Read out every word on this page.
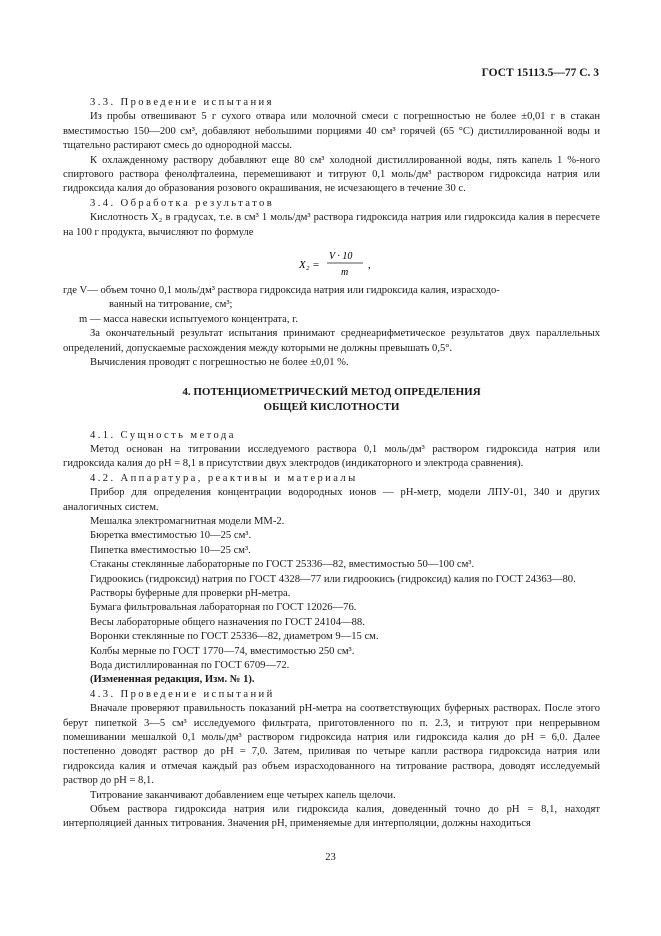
ГОСТ 15113.5—77 С. 3

3.3. Проведение испытания

Из пробы отвешивают 5 г сухого отвара или молочной смеси с погрешностью не более ±0,01 г в стакан вместимостью 150—200 см³, добавляют небольшими порциями 40 см³ горячей (65 °С) дистиллированной воды и тщательно растирают смесь до однородной массы.

К охлажденному раствору добавляют еще 80 см³ холодной дистиллированной воды, пять капель 1 %-ного спиртового раствора фенолфталеина, перемешивают и титруют 0,1 моль/дм³ раствором гидроксида натрия или гидроксида калия до образования розового окрашивания, не исчезающего в течение 30 с.

3.4. Обработка результатов

Кислотность X₂ в градусах, т.е. в см³ 1 моль/дм³ раствора гидроксида натрия или гидроксида калия в пересчете на 100 г продукта, вычисляют по формуле

X₂ =
V · 10
m
,

где V— объем точно 0,1 моль/дм³ раствора гидроксида натрия или гидроксида калия, израсходо-
ванный на титрование, см³;

m — масса навески испытуемого концентрата, г.

За окончательный результат испытания принимают среднеарифметическое результатов двух параллельных определений, допускаемые расхождения между которыми не должны превышать 0,5°.

Вычисления проводят с погрешностью не более ±0,01 %.

4. ПОТЕНЦИОМЕТРИЧЕСКИЙ МЕТОД ОПРЕДЕЛЕНИЯ
ОБЩЕЙ КИСЛОТНОСТИ

4.1. Сущность метода

Метод основан на титровании исследуемого раствора 0,1 моль/дм³ раствором гидроксида натрия или гидроксида калия до pH = 8,1 в присутствии двух электродов (индикаторного и электрода сравнения).

4.2. Аппаратура, реактивы и материалы

Прибор для определения концентрации водородных ионов — pH-метр, модели ЛПУ-01, 340 и других аналогичных систем.

Мешалка электромагнитная модели ММ-2.

Бюретка вместимостью 10—25 см³.

Пипетка вместимостью 10—25 см³.

Стаканы стеклянные лабораторные по ГОСТ 25336—82, вместимостью 50—100 см³.

Гидроокись (гидроксид) натрия по ГОСТ 4328—77 или гидроокись (гидроксид) калия по ГОСТ 24363—80.

Растворы буферные для проверки pH-метра.

Бумага фильтровальная лабораторная по ГОСТ 12026—76.

Весы лабораторные общего назначения по ГОСТ 24104—88.

Воронки стеклянные по ГОСТ 25336—82, диаметром 9—15 см.

Колбы мерные по ГОСТ 1770—74, вместимостью 250 см³.

Вода дистиллированная по ГОСТ 6709—72.

(Измененная редакция, Изм. № 1).

4.3. Проведение испытаний

Вначале проверяют правильность показаний pH-метра на соответствующих буферных растворах. После этого берут пипеткой 3—5 см³ исследуемого фильтрата, приготовленного по п. 2.3, и титруют при непрерывном помешивании мешалкой 0,1 моль/дм³ раствором гидроксида натрия или гидроксида калия до pH = 6,0. Далее постепенно доводят раствор до pH = 7,0. Затем, приливая по четыре капли раствора гидроксида натрия или гидроксида калия и отмечая каждый раз объем израсходованного на титрование раствора, доводят исследуемый раствор до pH = 8,1.

Титрование заканчивают добавлением еще четырех капель щелочи.

Объем раствора гидроксида натрия или гидроксида калия, доведенный точно до pH = 8,1, находят интерполяцией данных титрования. Значения pH, применяемые для интерполяции, должны находиться

23
